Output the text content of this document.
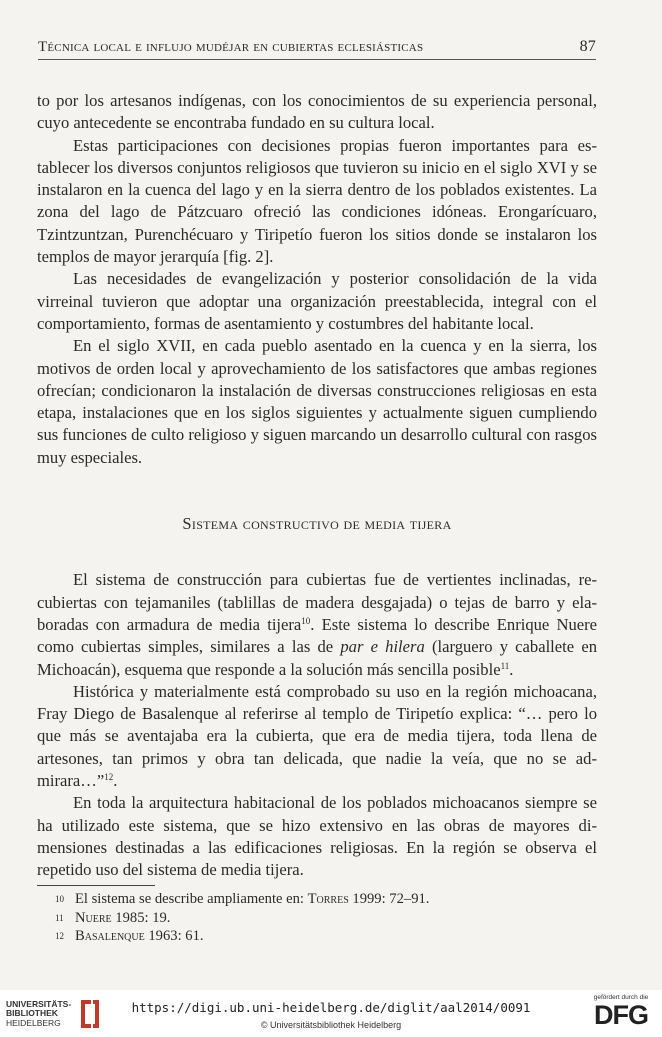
Técnica local e influjo mudéjar en cubiertas eclesiásticas	87

to por los artesanos indígenas, con los conocimientos de su experiencia personal, cuyo antecedente se encontraba fundado en su cultura local.

Estas participaciones con decisiones propias fueron importantes para establecer los diversos conjuntos religiosos que tuvieron su inicio en el siglo XVI y se instalaron en la cuenca del lago y en la sierra dentro de los poblados existentes. La zona del lago de Pátzcuaro ofreció las condiciones idóneas. Erongarícuaro, Tzintzuntzan, Purenchécuaro y Tiripetío fueron los sitios donde se instalaron los templos de mayor jerarquía [fig. 2].

Las necesidades de evangelización y posterior consolidación de la vida virreinal tuvieron que adoptar una organización preestablecida, integral con el comportamiento, formas de asentamiento y costumbres del habitante local.

En el siglo XVII, en cada pueblo asentado en la cuenca y en la sierra, los motivos de orden local y aprovechamiento de los satisfactores que ambas regiones ofrecían; condicionaron la instalación de diversas construcciones religiosas en esta etapa, instalaciones que en los siglos siguientes y actualmente siguen cumpliendo sus funciones de culto religioso y siguen marcando un desarrollo cultural con rasgos muy especiales.

Sistema constructivo de media tijera

El sistema de construcción para cubiertas fue de vertientes inclinadas, recubiertas con tejamaniles (tablillas de madera desgajada) o tejas de barro y elaboradas con armadura de media tijera$^{10}$. Este sistema lo describe Enrique Nuere como cubiertas simples, similares a las de par e hilera (larguero y caballete en Michoacán), esquema que responde a la solución más sencilla posible$^{11}$.

Histórica y materialmente está comprobado su uso en la región michoacana, Fray Diego de Basalenque al referirse al templo de Tiripetío explica: “… pero lo que más se aventajaba era la cubierta, que era de media tijera, toda llena de artesones, tan primos y obra tan delicada, que nadie la veía, que no se admirara…”$^{12}$.

En toda la arquitectura habitacional de los poblados michoacanos siempre se ha utilizado este sistema, que se hizo extensivo en las obras de mayores dimensiones destinadas a las edificaciones religiosas. En la región se observa el repetido uso del sistema de media tijera.

10 El sistema se describe ampliamente en: Torres 1999: 72–91.
11 Nuere 1985: 19.
12 Basalenque 1963: 61.
UNIVERSITÄTS-
BIBLIOTHEK
HEIDELBERG
https://digi.ub.uni-heidelberg.de/diglit/aal2014/0091
© Universitätsbibliothek Heidelberg
gefördert durch die
DFG
